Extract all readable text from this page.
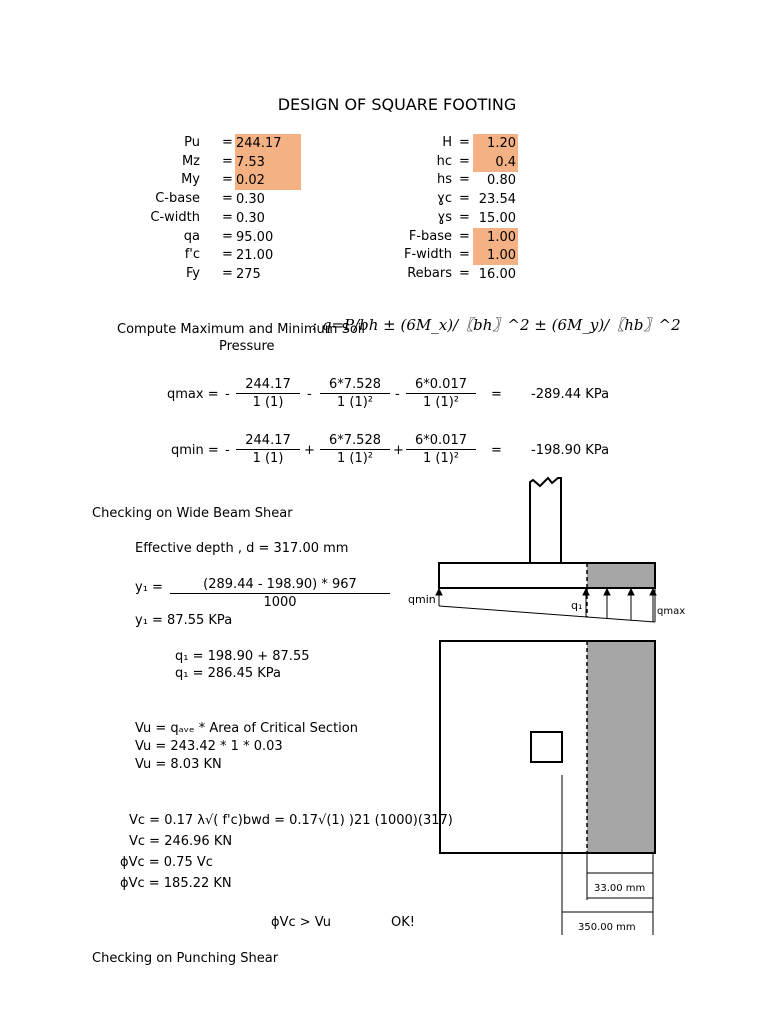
DESIGN OF SQUARE FOOTING
Pu = 244.17
Mz = 7.53
My = 0.02
C-base = 0.30
C-width = 0.30
qa = 95.00
f'c = 21.00
Fy = 275
H =	1.20
hc =	0.4
hs =	0.80
ɣc = 23.54
ɣs = 15.00
F-base =	1.00
F-width =	1.00
Rebars = 16.00
: q=P/bh ± (6M_x)/〖bh〗^2 ± (6M_y)/〖hb〗^2
Compute Maximum and Minimum Soil
Pressure
qmax = - $\frac{244.17}{1 (1)} - \frac{6*7.528}{\text{1 (1)²}} - \frac{6*0.017}{\text{1 (1)²}} = -289.44$ KPa
qmin = - $\frac{244.17}{1 (1)} + \frac{6*7.528}{\text{1 (1)²}} + \frac{6*0.017}{\text{1 (1)²}} = -198.90$ KPa
Checking on Wide Beam Shear
Effective depth , d = 317.00 mm
$y_1 = \frac{(289.44 - 198.90) * 967}{1000}$
y₁ = 87.55 KPa
q₁ = 198.90 + 87.55
q₁ = 286.45 KPa
Vu = qₐᵥₑ * Area of Critical Section
Vu = 243.42 * 1 * 0.03
Vu = 8.03 KN
Vc = 0.17 λ√( f'c)bwd = 0.17√(1) )21 (1000)(317)
Vc = 246.96 KN
ϕVc = 0.75 Vc
ϕVc = 185.22 KN
ϕVc > Vu	OK!
Checking on Punching Shear
qmin	q₁	qmax
33.00 mm
350.00 mm
